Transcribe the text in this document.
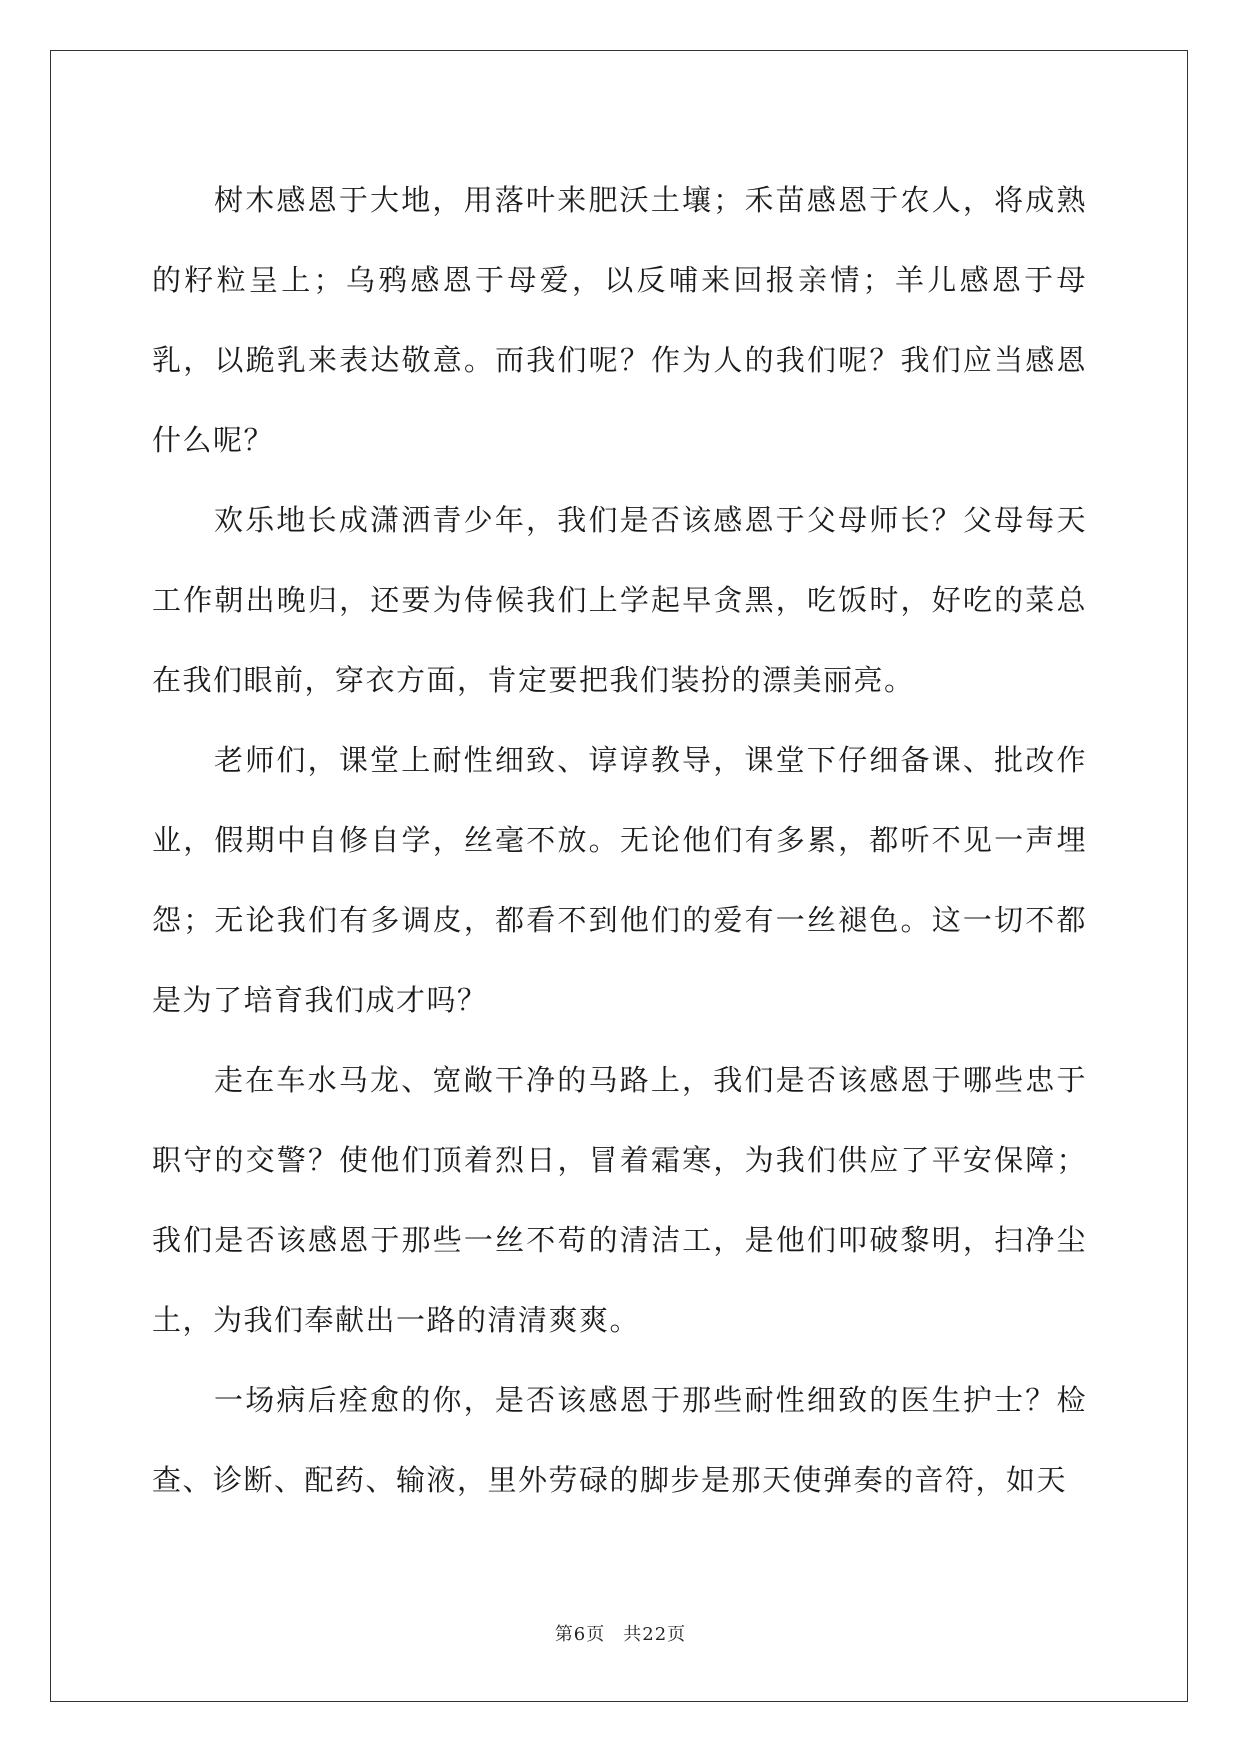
树木感恩于大地，用落叶来肥沃土壤；禾苗感恩于农人，将成熟的籽粒呈上；乌鸦感恩于母爱，以反哺来回报亲情；羊儿感恩于母乳，以跪乳来表达敬意。而我们呢？作为人的我们呢？我们应当感恩什么呢？

欢乐地长成潇洒青少年，我们是否该感恩于父母师长？父母每天工作朝出晚归，还要为侍候我们上学起早贪黑，吃饭时，好吃的菜总在我们眼前，穿衣方面，肯定要把我们装扮的漂美丽亮。

老师们，课堂上耐性细致、谆谆教导，课堂下仔细备课、批改作业，假期中自修自学，丝毫不放。无论他们有多累，都听不见一声埋怨；无论我们有多调皮，都看不到他们的爱有一丝褪色。这一切不都是为了培育我们成才吗？

走在车水马龙、宽敞干净的马路上，我们是否该感恩于哪些忠于职守的交警？使他们顶着烈日，冒着霜寒，为我们供应了平安保障；我们是否该感恩于那些一丝不苟的清洁工，是他们叩破黎明，扫净尘土，为我们奉献出一路的清清爽爽。

一场病后痊愈的你，是否该感恩于那些耐性细致的医生护士？检查、诊断、配药、输液，里外劳碌的脚步是那天使弹奏的音符，如天

第6页 共22页
